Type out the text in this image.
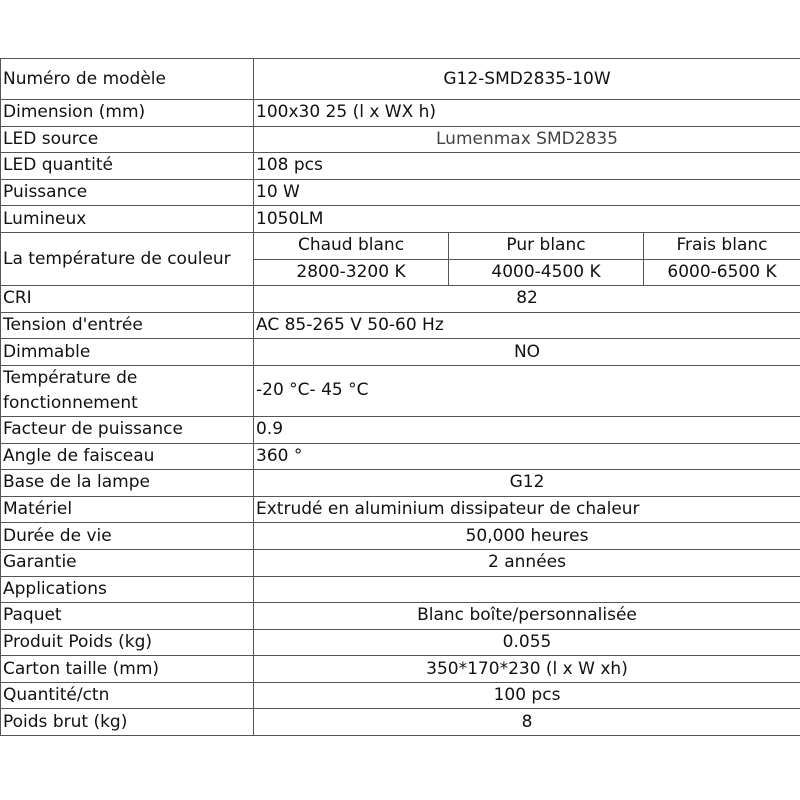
Numéro de modèle	G12-SMD2835-10W		
Dimension (mm)	100x30 25 (l x WX h)		
LED source	Lumenmax SMD2835		
LED quantité	108 pcs		
Puissance	10 W		
Lumineux	1050LM		
La température de couleur	Chaud blanc	Pur blanc	Frais blanc
	2800-3200 K	4000-4500 K	6000-6500 K
CRI	82		
Tension d'entrée	AC 85-265 V 50-60 Hz		
Dimmable	NO		
Température de fonctionnement	-20 °C- 45 °C		
Facteur de puissance	0.9		
Angle de faisceau	360 °		
Base de la lampe	G12		
Matériel	Extrudé en aluminium dissipateur de chaleur		
Durée de vie	50,000 heures		
Garantie	2 années		
Applications			
Paquet	Blanc boîte/personnalisée		
Produit Poids (kg)	0.055		
Carton taille (mm)	350*170*230 (l x W xh)		
Quantité/ctn	100 pcs		
Poids brut (kg)	8		
